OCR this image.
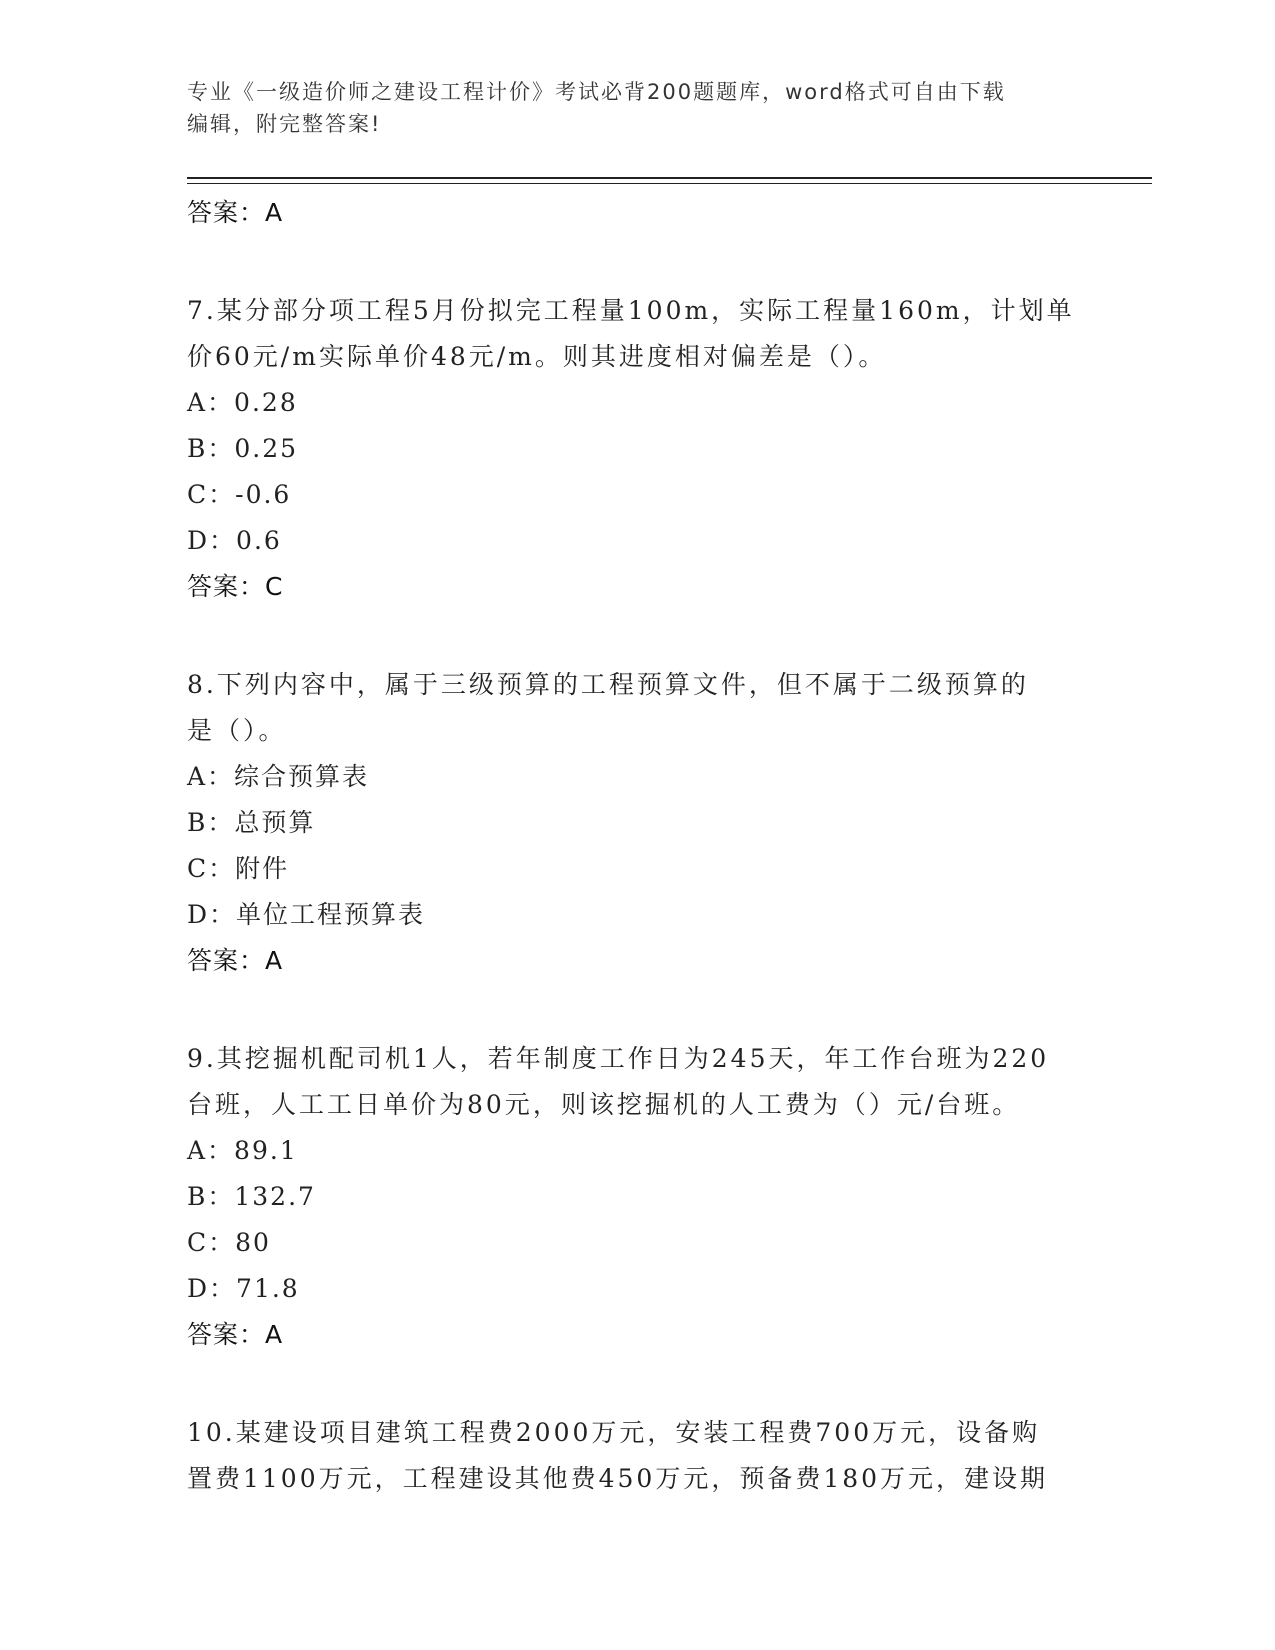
专业《一级造价师之建设工程计价》考试必背200题题库，word格式可自由下载
编辑，附完整答案!
答案：A
7.某分部分项工程5月份拟完工程量100m，实际工程量160m，计划单
价60元/m实际单价48元/m。则其进度相对偏差是（）。
A：0.28
B：0.25
C：-0.6
D：0.6
答案：C
8.下列内容中，属于三级预算的工程预算文件，但不属于二级预算的
是（）。
A：综合预算表
B：总预算
C：附件
D：单位工程预算表
答案：A
9.其挖掘机配司机1人，若年制度工作日为245天，年工作台班为220
台班，人工工日单价为80元，则该挖掘机的人工费为（）元/台班。
A：89.1
B：132.7
C：80
D：71.8
答案：A
10.某建设项目建筑工程费2000万元，安装工程费700万元，设备购
置费1100万元，工程建设其他费450万元，预备费180万元，建设期
